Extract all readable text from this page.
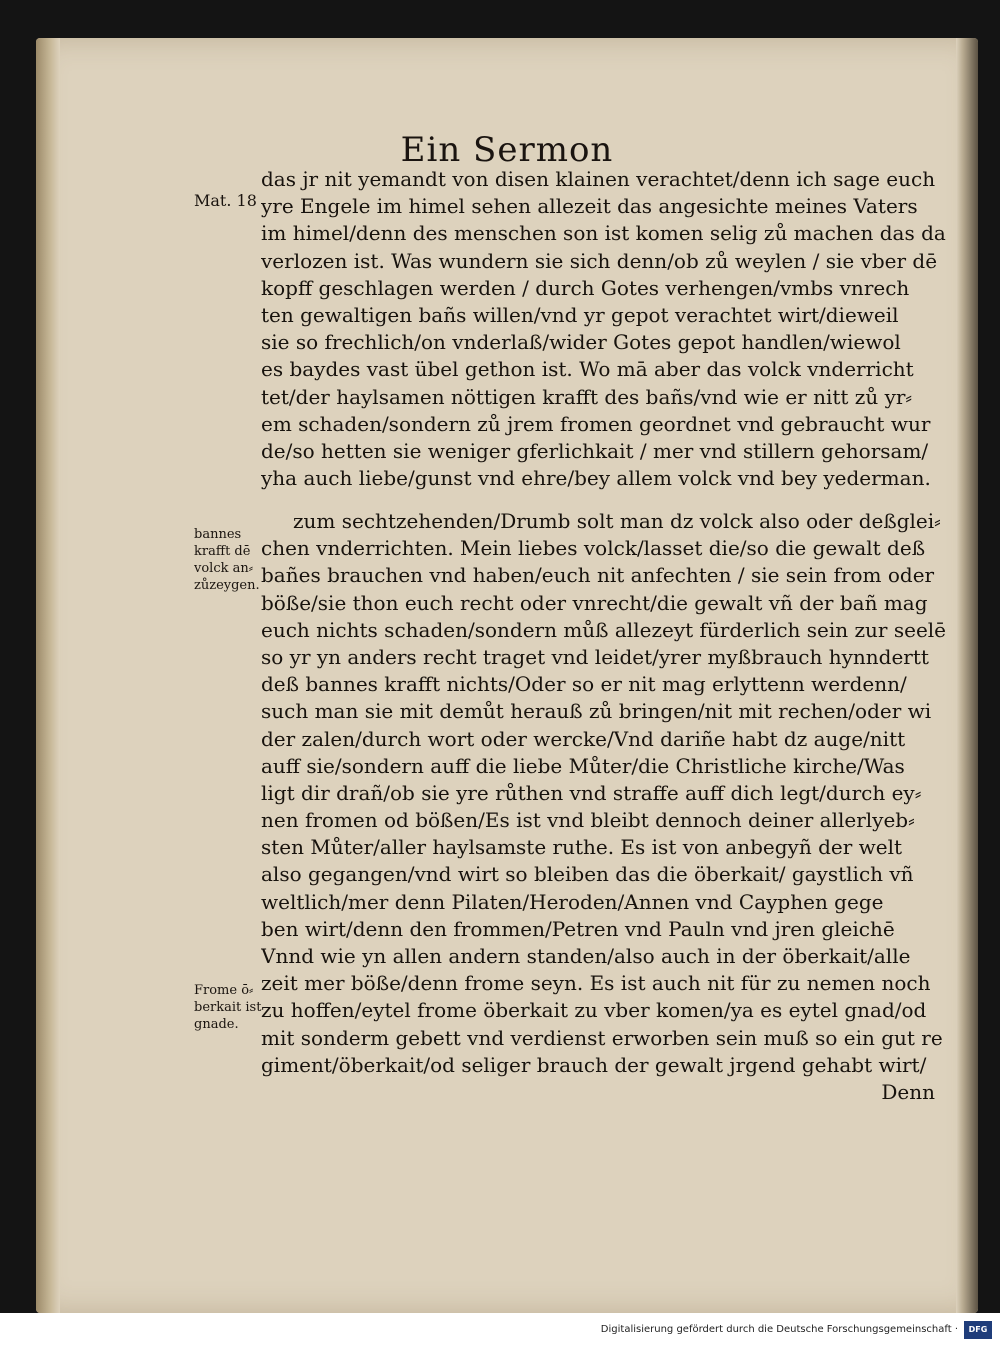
Ein Sermon
Mat. 18
bannes
krafft dē
volck an⸗
zůzeygen.
Frome ō⸗
berkait ist
gnade.
das jr nit yemandt von disen klainen verachtet/denn ich sage euch
yre Engele im himel sehen allezeit das angesichte meines Vaters
im himel/denn des menschen son ist komen selig zů machen das da
verlozen ist. Was wundern sie sich denn/ob zů weylen / sie vber dē
kopff geschlagen werden / durch Gotes verhengen/vmbs vnrech
ten gewaltigen bañs willen/vnd yr gepot verachtet wirt/dieweil
sie so frechlich/on vnderlaß/wider Gotes gepot handlen/wiewol
es baydes vast übel gethon ist. Wo mā aber das volck vnderricht
tet/der haylsamen nöttigen krafft des bañs/vnd wie er nitt zů yr⸗
em schaden/sondern zů jrem fromen geordnet vnd gebraucht wur
de/so hetten sie weniger gferlichkait / mer vnd stillern gehorsam/
yha auch liebe/gunst vnd ehre/bey allem volck vnd bey yederman.
zum sechtzehenden/Drumb solt man dz volck also oder deßglei⸗
chen vnderrichten. Mein liebes volck/lasset die/so die gewalt deß
bañes brauchen vnd haben/euch nit anfechten / sie sein from oder
böße/sie thon euch recht oder vnrecht/die gewalt vñ der bañ mag
euch nichts schaden/sondern můß allezeyt fürderlich sein zur seelē
so yr yn anders recht traget vnd leidet/yrer myßbrauch hynndertt
deß bannes krafft nichts/Oder so er nit mag erlyttenn werdenn/
such man sie mit demůt herauß zů bringen/nit mit rechen/oder wi
der zalen/durch wort oder wercke/Vnd dariñe habt dz auge/nitt
auff sie/sondern auff die liebe Můter/die Christliche kirche/Was
ligt dir drañ/ob sie yre růthen vnd straffe auff dich legt/durch ey⸗
nen fromen od bößen/Es ist vnd bleibt dennoch deiner allerlyeb⸗
sten Můter/aller haylsamste ruthe. Es ist von anbegyñ der welt
also gegangen/vnd wirt so bleiben das die öberkait/ gaystlich vñ
weltlich/mer denn Pilaten/Heroden/Annen vnd Cayphen gege
ben wirt/denn den frommen/Petren vnd Pauln vnd jren gleichē
Vnnd wie yn allen andern standen/also auch in der öberkait/alle
zeit mer böße/denn frome seyn. Es ist auch nit für zu nemen noch
zu hoffen/eytel frome öberkait zu vber komen/ya es eytel gnad/od
mit sonderm gebett vnd verdienst erworben sein muß so ein gut re
giment/öberkait/od seliger brauch der gewalt jrgend gehabt wirt/
Denn
Digitalisierung gefördert durch die Deutsche Forschungsgemeinschaft ·	DFG
